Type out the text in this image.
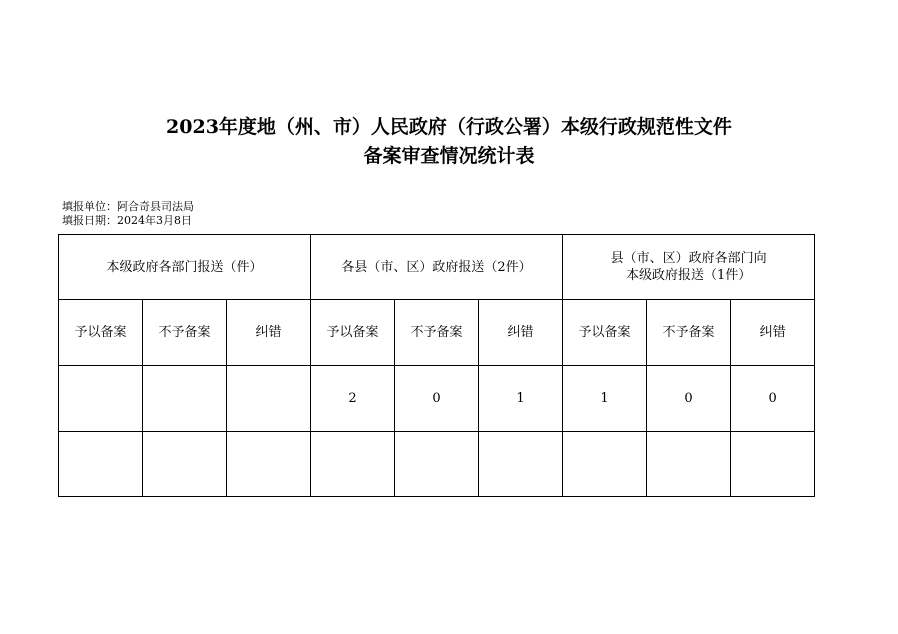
2023年度地（州、市）人民政府（行政公署）本级行政规范性文件
备案审查情况统计表
填报单位：阿合奇县司法局
填报日期：2024年3月8日
本级政府各部门报送（件）			各县（市、区）政府报送（2件）			县（市、区）政府各部门向
本级政府报送（1件）		

予以备案	不予备案	纠错	予以备案	不予备案	纠错	予以备案	不予备案	纠错
			2	0	1	1	0	0
